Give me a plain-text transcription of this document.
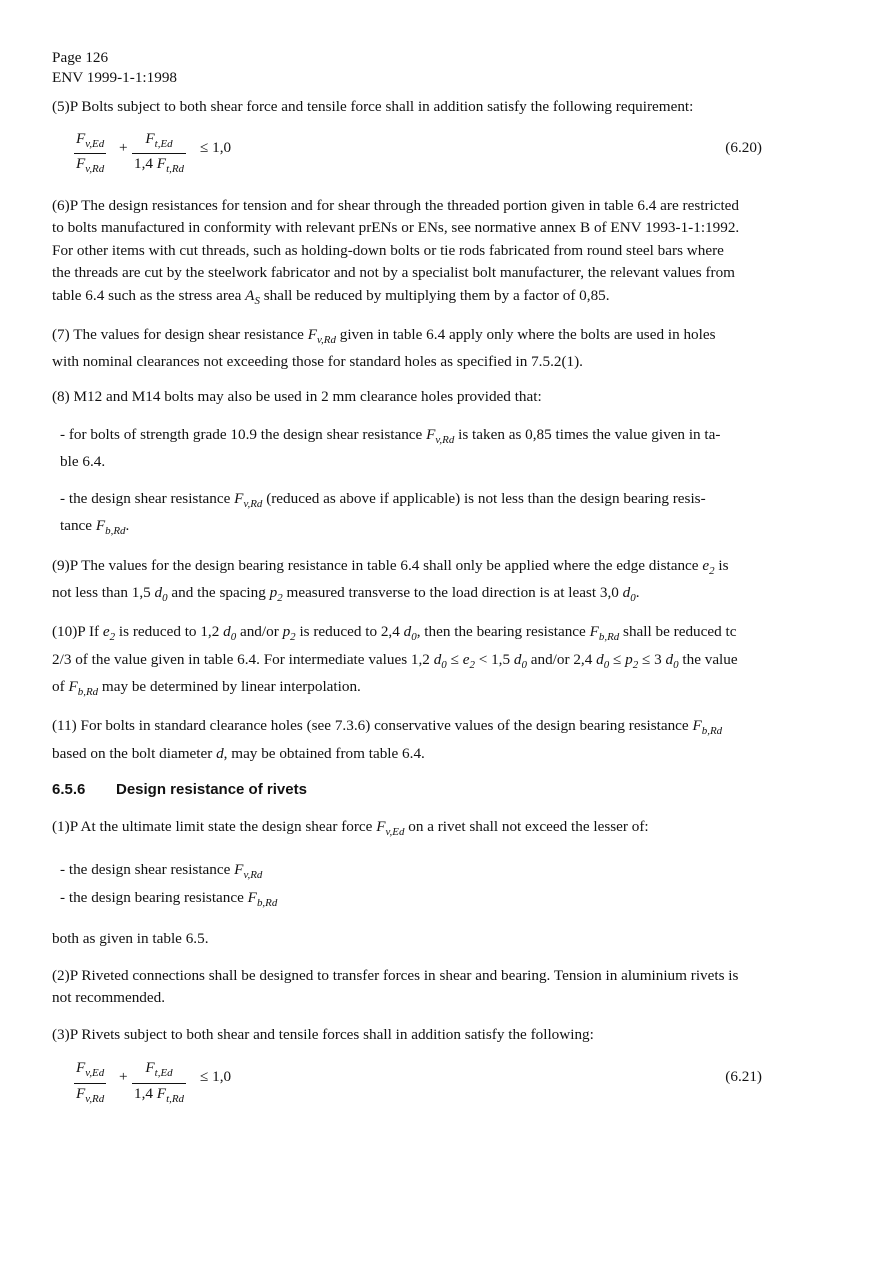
Page 126
ENV 1999-1-1:1998

(5)P Bolts subject to both shear force and tensile force shall in addition satisfy the following requirement:

$\frac{F_{v,Ed}}{F_{v,Rd}} + \frac{F_{t,Ed}}{1,4 F_{t,Rd}} \le 1,0$	(6.20)

(6)P The design resistances for tension and for shear through the threaded portion given in table 6.4 are restricted

to bolts manufactured in conformity with relevant prENs or ENs, see normative annex B of ENV 1993-1-1:1992.

For other items with cut threads, such as holding-down bolts or tie rods fabricated from round steel bars where

the threads are cut by the steelwork fabricator and not by a specialist bolt manufacturer, the relevant values from

table 6.4 such as the stress area $A_S$ shall be reduced by multiplying them by a factor of 0,85.

(7) The values for design shear resistance $F_{v,Rd}$ given in table 6.4 apply only where the bolts are used in holes

with nominal clearances not exceeding those for standard holes as specified in 7.5.2(1).

(8) M12 and M14 bolts may also be used in 2 mm clearance holes provided that:

- for bolts of strength grade 10.9 the design shear resistance $F_{v,Rd}$ is taken as 0,85 times the value given in ta-

ble 6.4.

- the design shear resistance $F_{v,Rd}$ (reduced as above if applicable) is not less than the design bearing resis-

tance $F_{b,Rd}$.

(9)P The values for the design bearing resistance in table 6.4 shall only be applied where the edge distance $e_2$ is

not less than 1,5 $d_0$ and the spacing $p_2$ measured transverse to the load direction is at least 3,0 $d_0$.

(10)P If $e_2$ is reduced to 1,2 $d_0$ and/or $p_2$ is reduced to 2,4 $d_0$, then the bearing resistance $F_{b,Rd}$ shall be reduced tc

2/3 of the value given in table 6.4. For intermediate values 1,2 $d_0 \le e_2 < 1,5$ $d_0$ and/or 2,4 $d_0 \le p_2 \le 3$ $d_0$ the value

of $F_{b,Rd}$ may be determined by linear interpolation.

(11) For bolts in standard clearance holes (see 7.3.6) conservative values of the design bearing resistance $F_{b,Rd}$

based on the bolt diameter d, may be obtained from table 6.4.

6.5.6 Design resistance of rivets

(1)P At the ultimate limit state the design shear force $F_{v,Ed}$ on a rivet shall not exceed the lesser of:

- the design shear resistance $F_{v,Rd}$

- the design bearing resistance $F_{b,Rd}$

both as given in table 6.5.

(2)P Riveted connections shall be designed to transfer forces in shear and bearing. Tension in aluminium rivets is

not recommended.

(3)P Rivets subject to both shear and tensile forces shall in addition satisfy the following:

$\frac{F_{v,Ed}}{F_{v,Rd}} + \frac{F_{t,Ed}}{1,4 F_{t,Rd}} \le 1,0$	(6.21)
